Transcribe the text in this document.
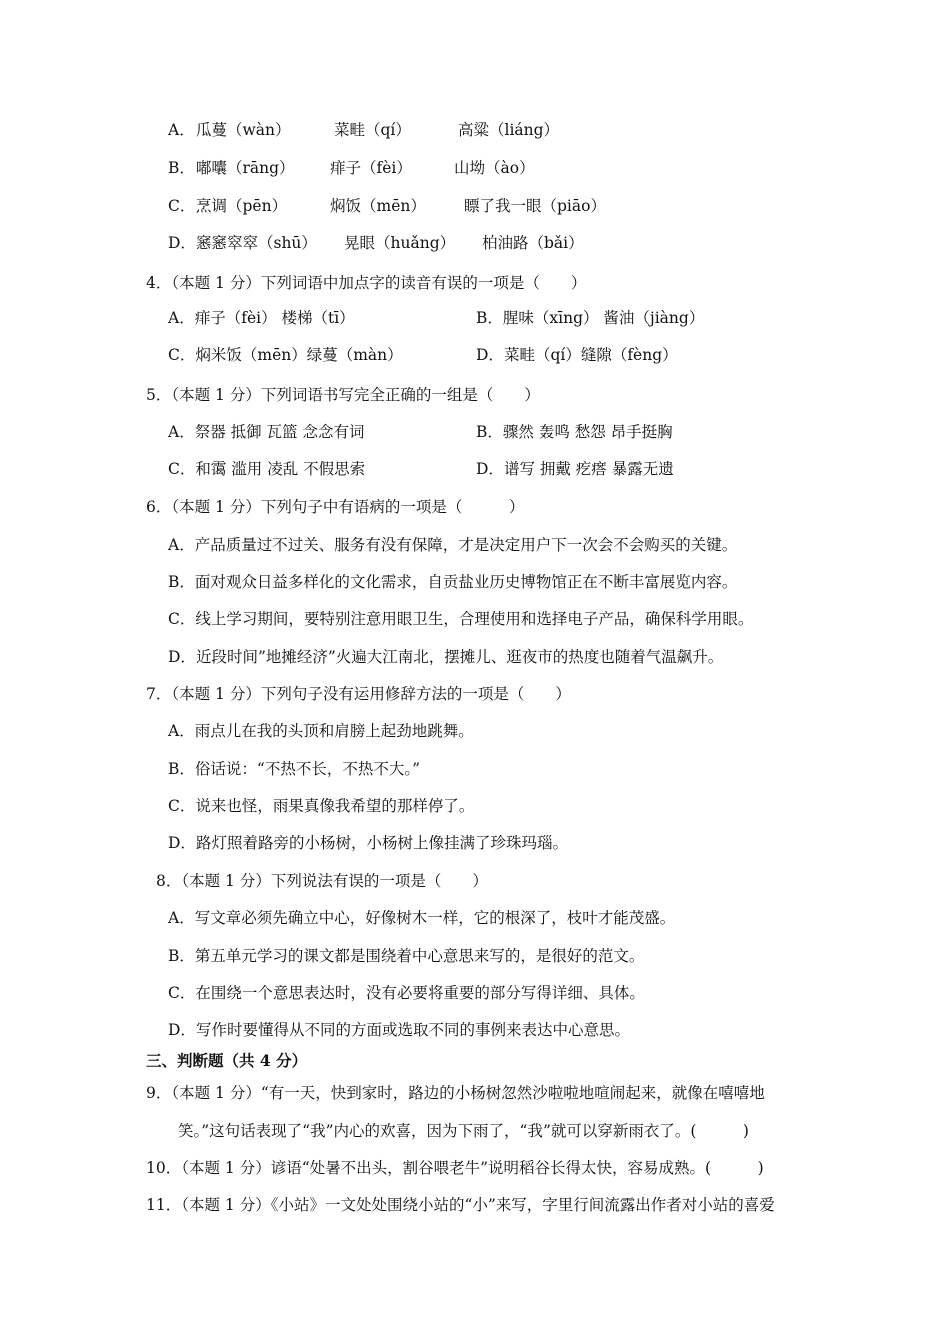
A． 瓜蔓（wàn）	菜畦（qí）	高粱（liáng）
B． 嘟囔（rāng） 痱子（fèi）	山坳（ào）
C． 烹调（pēn）	焖饭（mēn） 瞟了我一眼（piāo）
D． 窸窸窣窣（shū） 晃眼（huǎng） 柏油路（bǎi）
4．（本题 1 分）下列词语中加点字的读音有误的一项是（　　）
A．痱子（fèi） 楼梯（tī）	B．腥味（xīng） 酱油（jiàng）
C．焖米饭（mēn）绿蔓（màn）	D．菜畦（qí）缝隙（fèng）
5．（本题 1 分）下列词语书写完全正确的一组是（　　）
A．祭器 抵御 瓦篮 念念有词	B．骤然 轰鸣 愁怨 昂手挺胸
C．和霭 滥用 凌乱 不假思索	D．谱写 拥戴 疙瘩 暴露无遗
6．（本题 1 分）下列句子中有语病的一项是（　　　）
A．产品质量过不过关、服务有没有保障，才是决定用户下一次会不会购买的关键。
B．面对观众日益多样化的文化需求，自贡盐业历史博物馆正在不断丰富展览内容。
C．线上学习期间，要特别注意用眼卫生，合理使用和选择电子产品，确保科学用眼。
D．近段时间”地摊经济”火遍大江南北，摆摊儿、逛夜市的热度也随着气温飙升。
7．（本题 1 分）下列句子没有运用修辞方法的一项是（　　）
A．雨点儿在我的头顶和肩膀上起劲地跳舞。
B．俗话说：“不热不长，不热不大。”
C．说来也怪，雨果真像我希望的那样停了。
D．路灯照着路旁的小杨树，小杨树上像挂满了珍珠玛瑙。
8．（本题 1 分）下列说法有误的一项是（　　）
A．写文章必须先确立中心，好像树木一样，它的根深了，枝叶才能茂盛。
B．第五单元学习的课文都是围绕着中心意思来写的，是很好的范文。
C．在围绕一个意思表达时，没有必要将重要的部分写得详细、具体。
D．写作时要懂得从不同的方面或选取不同的事例来表达中心意思。
三、判断题（共 4 分）
9．（本题 1 分）“有一天，快到家时，路边的小杨树忽然沙啦啦地喧闹起来，就像在嘻嘻地
笑。”这句话表现了“我”内心的欢喜，因为下雨了，“我”就可以穿新雨衣了。(　　　)
10．（本题 1 分）谚语“处暑不出头，割谷喂老牛”说明稻谷长得太快，容易成熟。(　　　)
11．（本题 1 分）《小站》一文处处围绕小站的“小”来写，字里行间流露出作者对小站的喜爱
